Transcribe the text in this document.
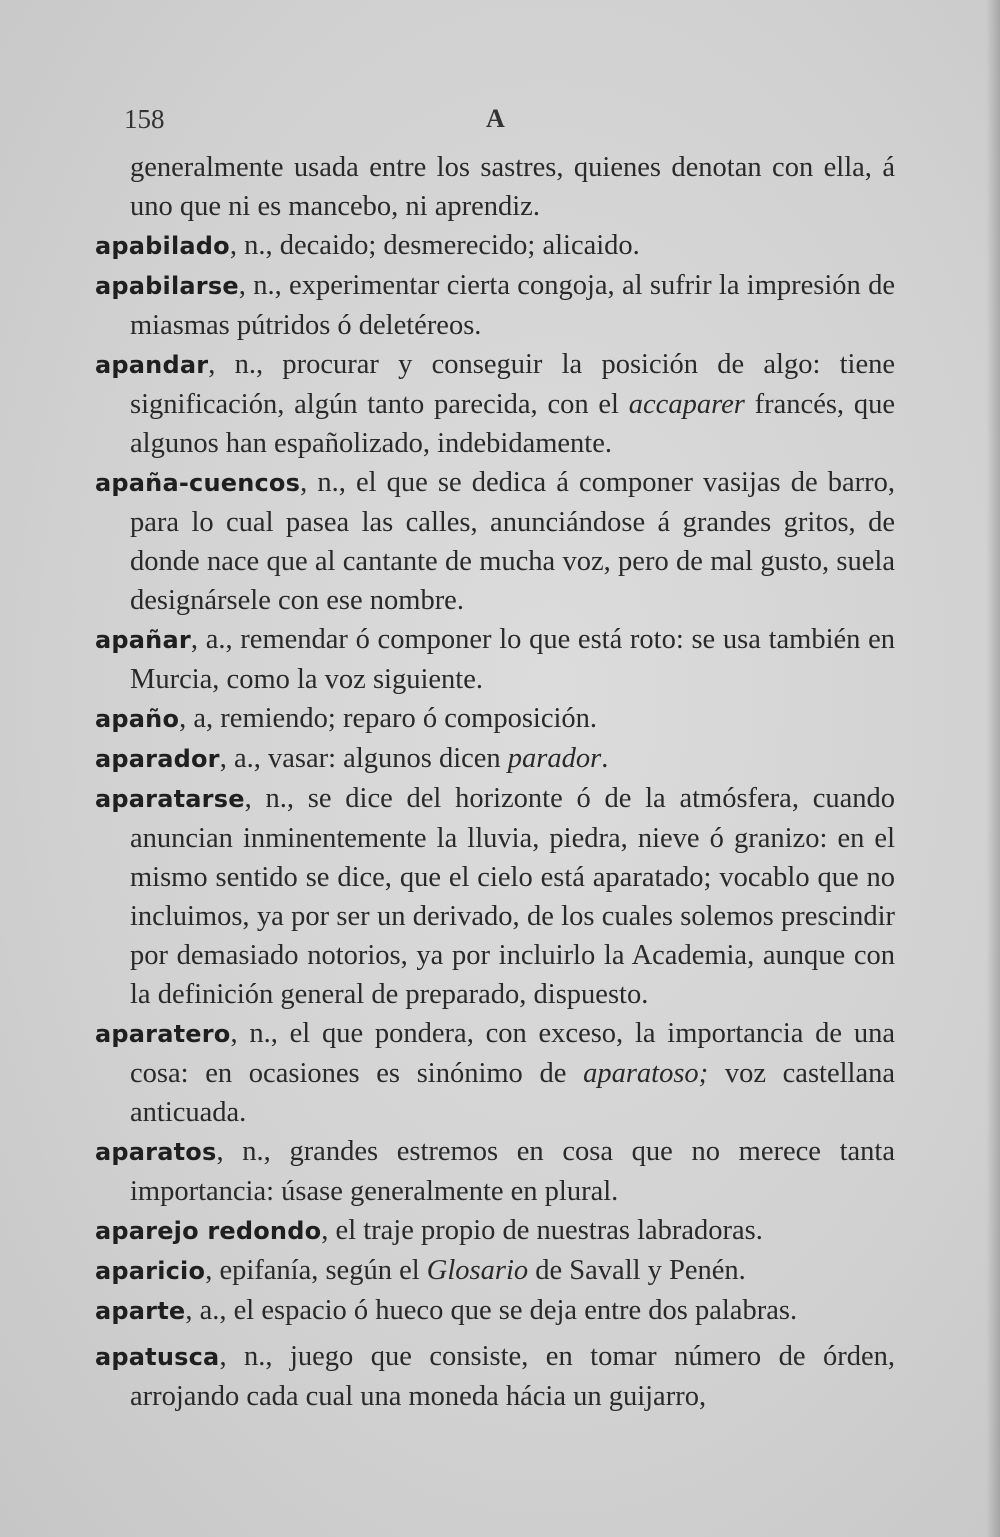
158	A

generalmente usada entre los sastres, quienes denotan con ella, á uno que ni es mancebo, ni aprendiz.

apabilado, n., decaido; desmerecido; alicaido.

apabilarse, n., experimentar cierta congoja, al sufrir la impresión de miasmas pútridos ó deletéreos.

apandar, n., procurar y conseguir la posición de algo: tiene significación, algún tanto parecida, con el accaparer francés, que algunos han españolizado, indebidamente.

apaña-cuencos, n., el que se dedica á componer vasijas de barro, para lo cual pasea las calles, anunciándose á grandes gritos, de donde nace que al cantante de mucha voz, pero de mal gusto, suela designársele con ese nombre.

apañar, a., remendar ó componer lo que está roto: se usa también en Murcia, como la voz siguiente.

apaño, a, remiendo; reparo ó composición.

aparador, a., vasar: algunos dicen parador.

aparatarse, n., se dice del horizonte ó de la atmósfera, cuando anuncian inminentemente la lluvia, piedra, nieve ó granizo: en el mismo sentido se dice, que el cielo está aparatado; vocablo que no incluimos, ya por ser un derivado, de los cuales solemos prescindir por demasiado notorios, ya por incluirlo la Academia, aunque con la definición general de preparado, dispuesto.

aparatero, n., el que pondera, con exceso, la importancia de una cosa: en ocasiones es sinónimo de aparatoso; voz castellana anticuada.

aparatos, n., grandes estremos en cosa que no merece tanta importancia: úsase generalmente en plural.

aparejo redondo, el traje propio de nuestras labradoras.

aparicio, epifanía, según el Glosario de Savall y Penén.

aparte, a., el espacio ó hueco que se deja entre dos palabras.

apatusca, n., juego que consiste, en tomar número de órden, arrojando cada cual una moneda hácia un guijarro,
